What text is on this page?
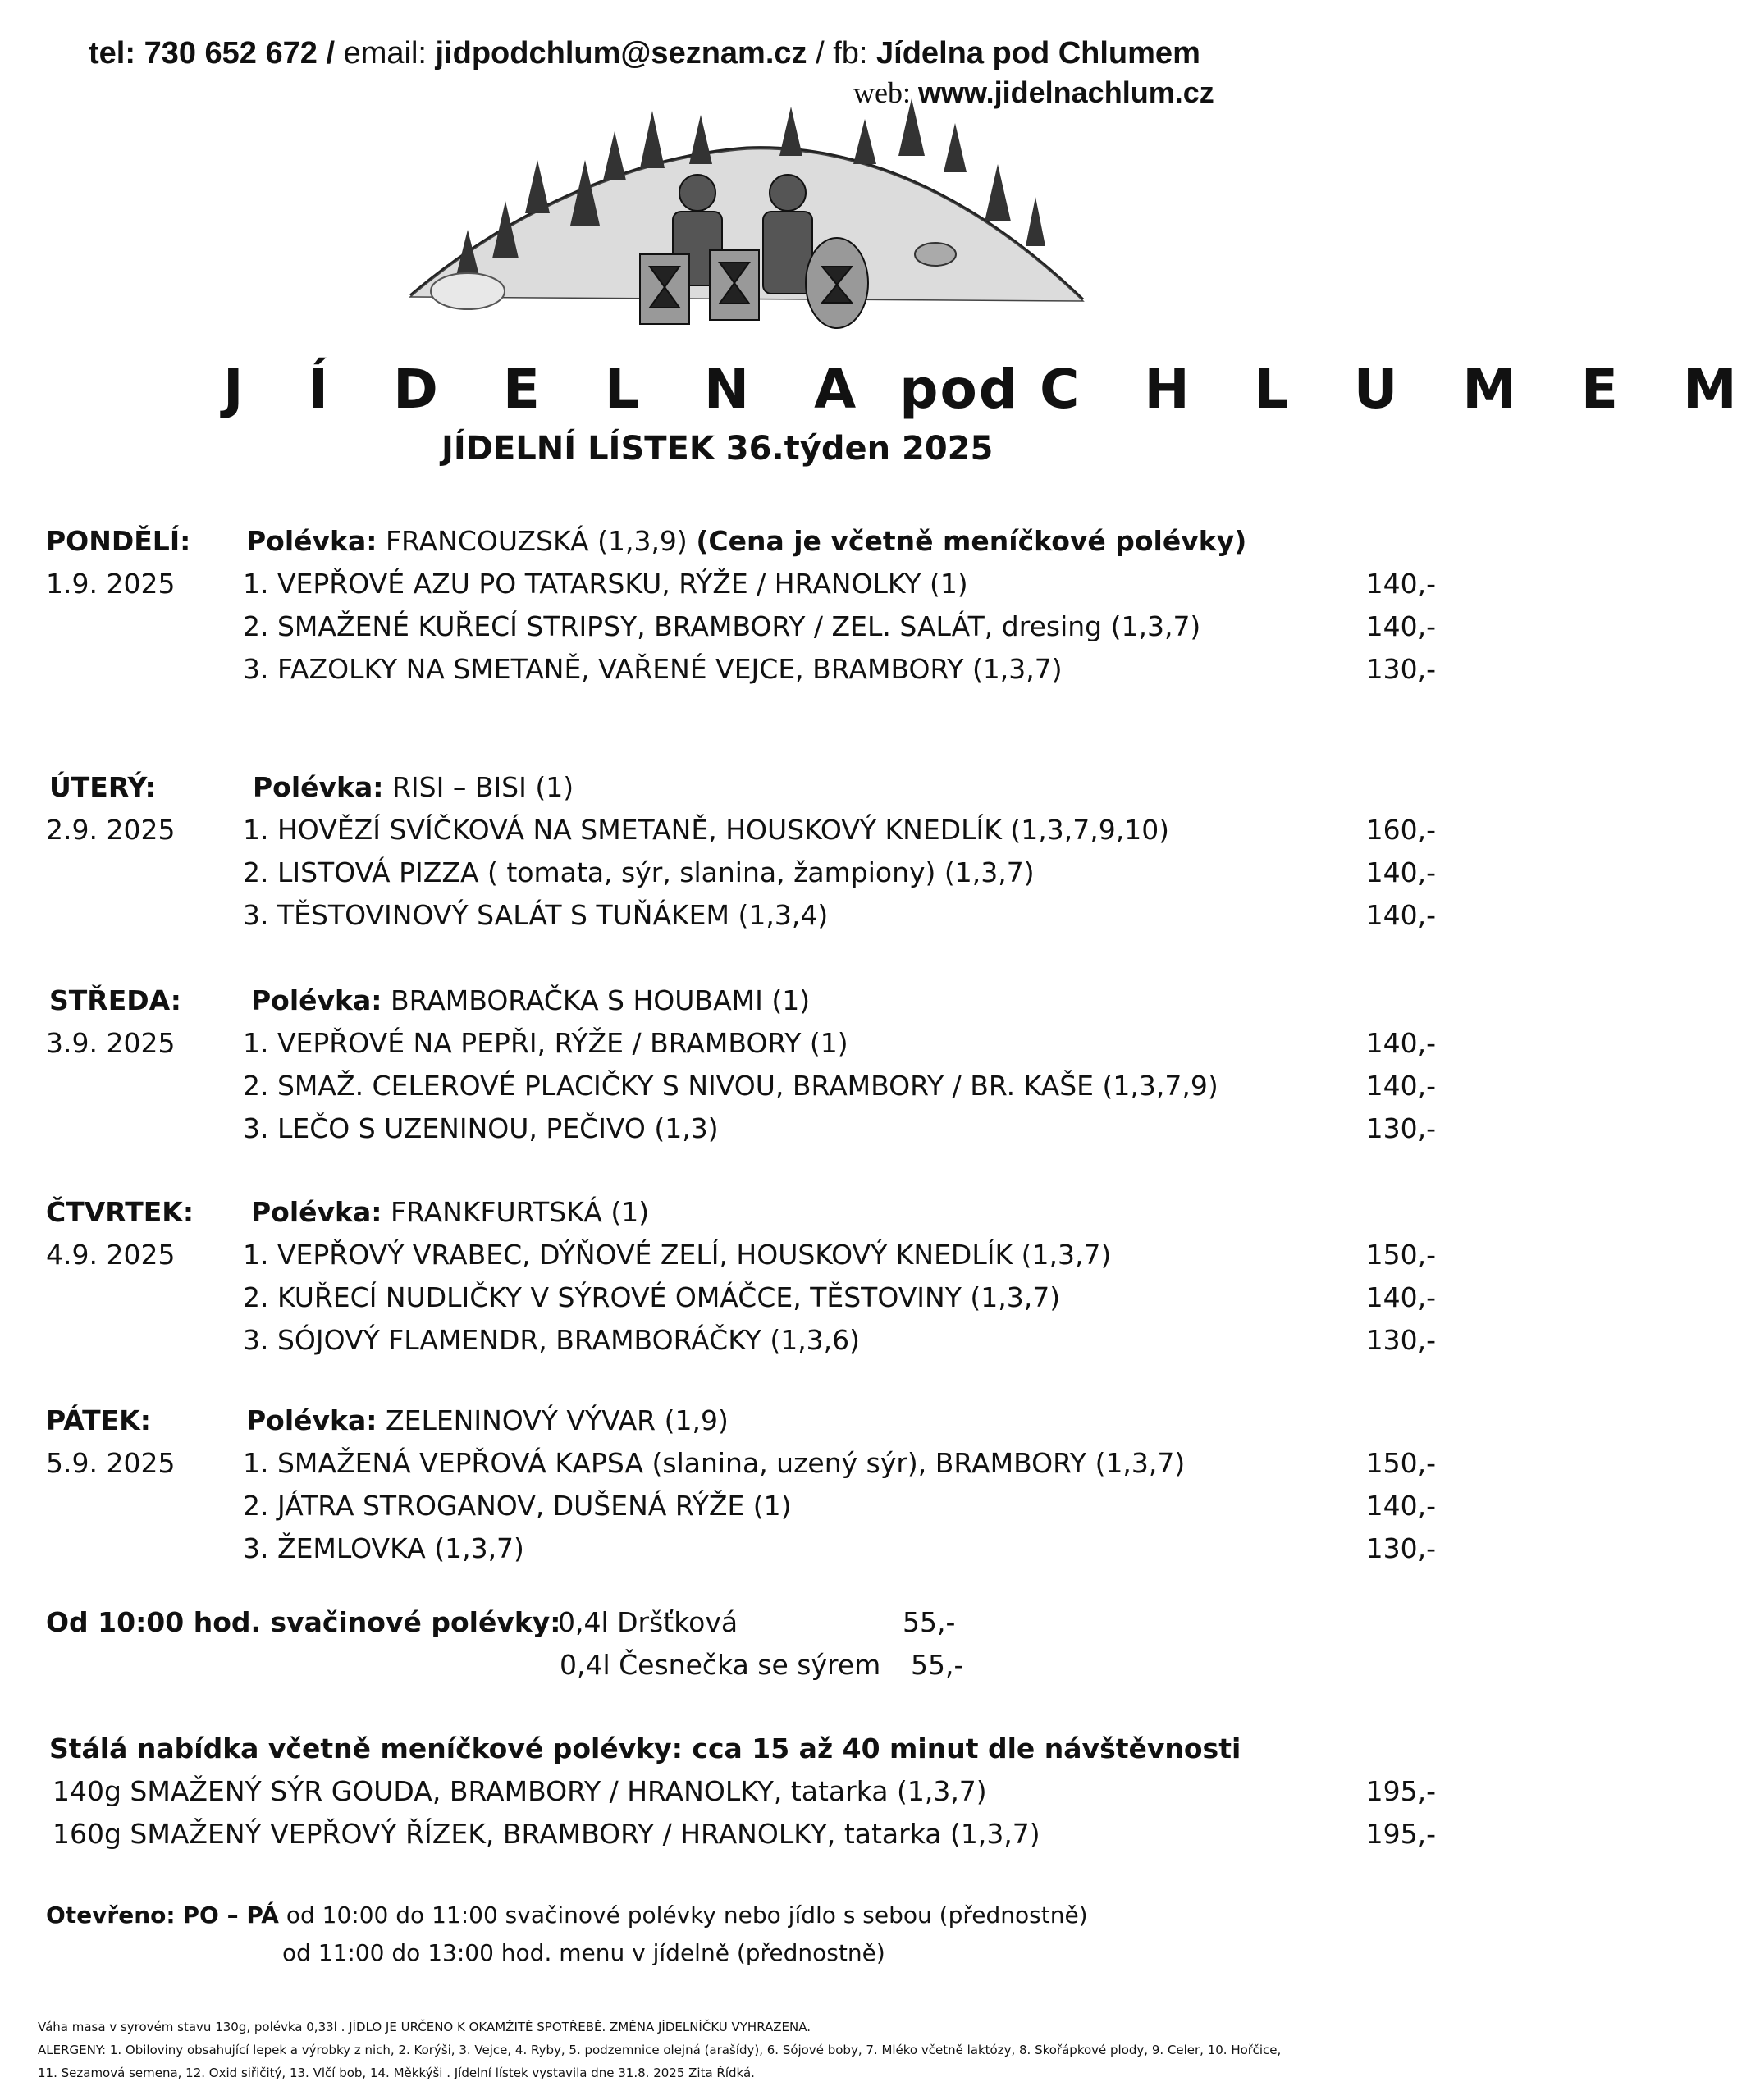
tel: 730 652 672 / email: jidpodchlum@seznam.cz / fb: Jídelna pod Chlumem
web: www.jidelnachlum.cz
J Í D E L N A pod C H L U M E M
JÍDELNÍ LÍSTEK 36.týden 2025
PONDĚLÍ:
1.9. 2025
Polévka: FRANCOUZSKÁ (1,3,9) (Cena je včetně meníčkové polévky)
1. VEPŘOVÉ AZU PO TATARSKU, RÝŽE / HRANOLKY (1)	140,-
2. SMAŽENÉ KUŘECÍ STRIPSY, BRAMBORY / ZEL. SALÁT, dresing (1,3,7)	140,-
3. FAZOLKY NA SMETANĚ, VAŘENÉ VEJCE, BRAMBORY (1,3,7)	130,-
ÚTERÝ:
2.9. 2025
Polévka: RISI – BISI (1)
1. HOVĚZÍ SVÍČKOVÁ NA SMETANĚ, HOUSKOVÝ KNEDLÍK (1,3,7,9,10)	160,-
2. LISTOVÁ PIZZA ( tomata, sýr, slanina, žampiony) (1,3,7)	140,-
3. TĚSTOVINOVÝ SALÁT S TUŇÁKEM (1,3,4)	140,-
STŘEDA:
3.9. 2025
Polévka: BRAMBORAČKA S HOUBAMI (1)
1. VEPŘOVÉ NA PEPŘI, RÝŽE / BRAMBORY (1)	140,-
2. SMAŽ. CELEROVÉ PLACIČKY S NIVOU, BRAMBORY / BR. KAŠE (1,3,7,9)	140,-
3. LEČO S UZENINOU, PEČIVO (1,3)	130,-
ČTVRTEK:
4.9. 2025
Polévka: FRANKFURTSKÁ (1)
1. VEPŘOVÝ VRABEC, DÝŇOVÉ ZELÍ, HOUSKOVÝ KNEDLÍK (1,3,7)	150,-
2. KUŘECÍ NUDLIČKY V SÝROVÉ OMÁČCE, TĚSTOVINY (1,3,7)	140,-
3. SÓJOVÝ FLAMENDR, BRAMBORÁČKY (1,3,6)	130,-
PÁTEK:
5.9. 2025
Polévka: ZELENINOVÝ VÝVAR (1,9)
1. SMAŽENÁ VEPŘOVÁ KAPSA (slanina, uzený sýr), BRAMBORY (1,3,7)	150,-
2. JÁTRA STROGANOV, DUŠENÁ RÝŽE (1)	140,-
3. ŽEMLOVKA (1,3,7)	130,-
Od 10:00 hod. svačinové polévky:
0,4l Dršťková	55,-
0,4l Česnečka se sýrem 55,-
Stálá nabídka včetně meníčkové polévky: cca 15 až 40 minut dle návštěvnosti
140g SMAŽENÝ SÝR GOUDA, BRAMBORY / HRANOLKY, tatarka (1,3,7)	195,-
160g SMAŽENÝ VEPŘOVÝ ŘÍZEK, BRAMBORY / HRANOLKY, tatarka (1,3,7)	195,-
Otevřeno: PO – PÁ od 10:00 do 11:00 svačinové polévky nebo jídlo s sebou (přednostně)
od 11:00 do 13:00 hod. menu v jídelně (přednostně)
Váha masa v syrovém stavu 130g, polévka 0,33l . JÍDLO JE URČENO K OKAMŽITÉ SPOTŘEBĚ. ZMĚNA JÍDELNÍČKU VYHRAZENA.
ALERGENY: 1. Obiloviny obsahující lepek a výrobky z nich, 2. Korýši, 3. Vejce, 4. Ryby, 5. podzemnice olejná (arašídy), 6. Sójové boby, 7. Mléko včetně laktózy, 8. Skořápkové plody, 9. Celer, 10. Hořčice,
11. Sezamová semena, 12. Oxid siřičitý, 13. Vlčí bob, 14. Měkkýši . Jídelní lístek vystavila dne 31.8. 2025 Zita Řídká.
